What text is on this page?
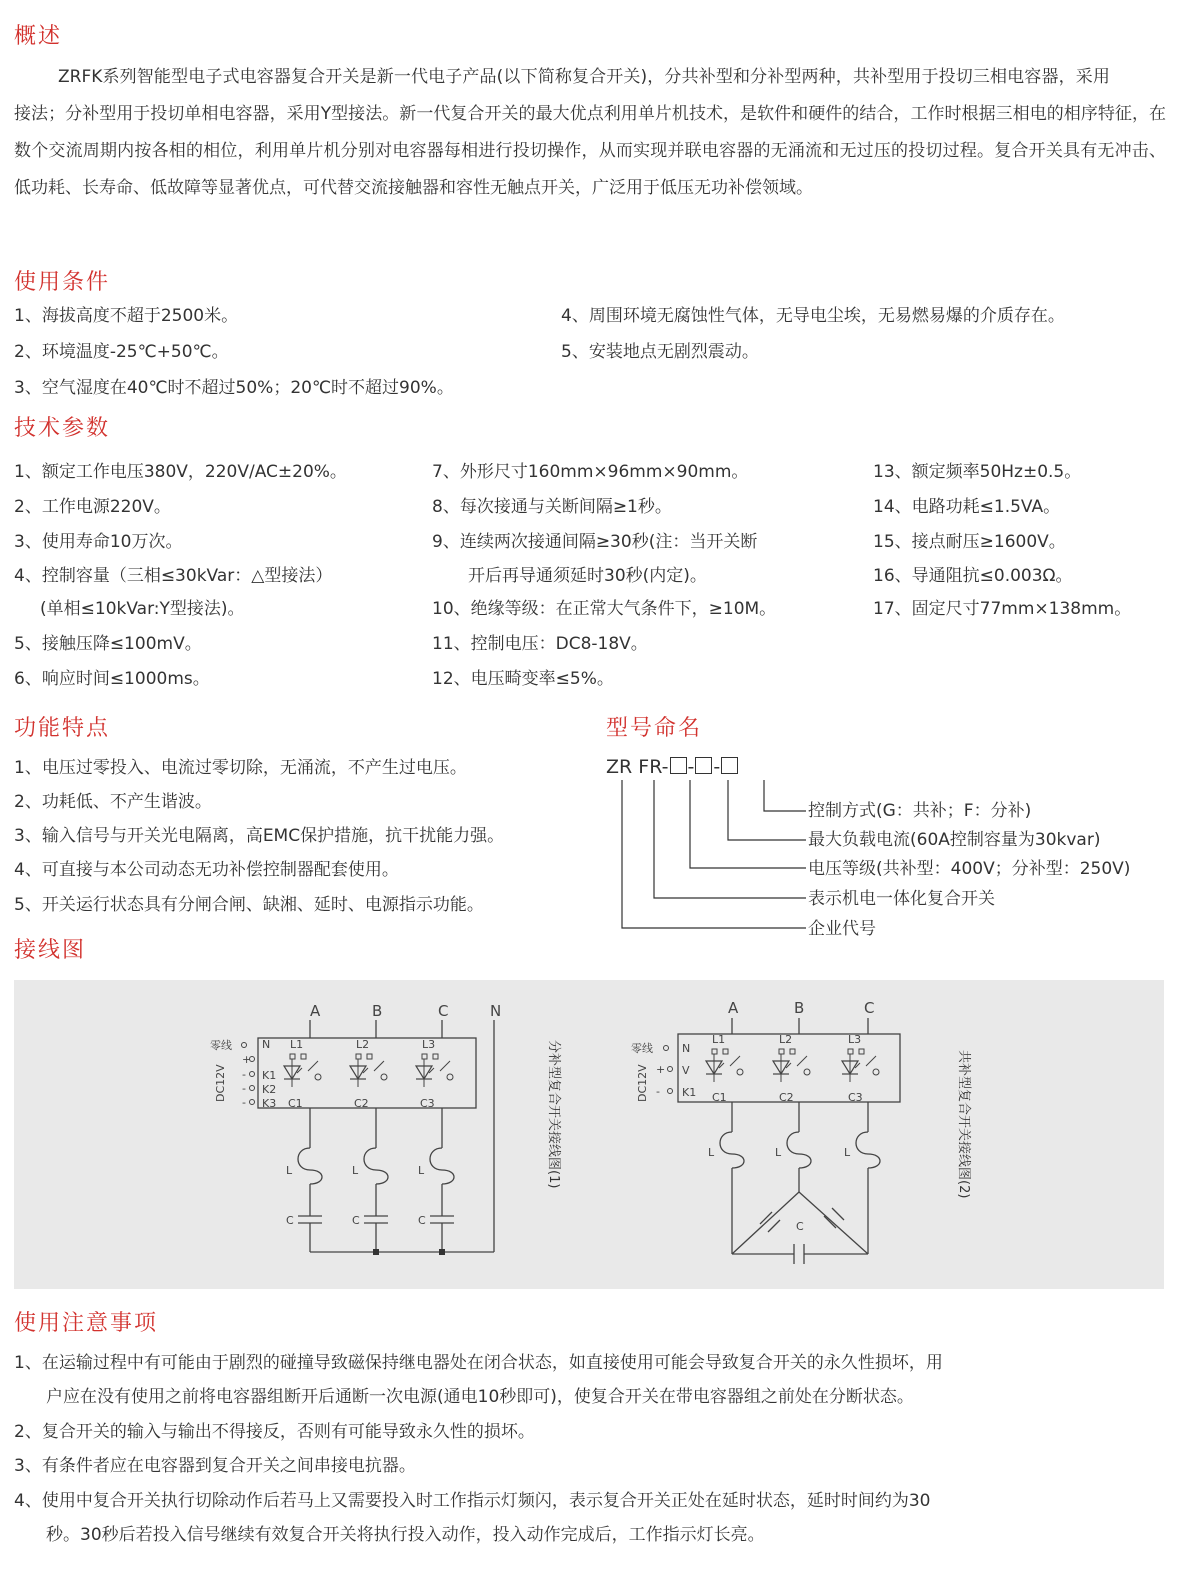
概述
ZRFK系列智能型电子式电容器复合开关是新一代电子产品(以下简称复合开关)，分共补型和分补型两种，共补型用于投切三相电容器，采用接法；分补型用于投切单相电容器，采用Y型接法。新一代复合开关的最大优点利用单片机技术，是软件和硬件的结合，工作时根据三相电的相序特征，在数个交流周期内按各相的相位，利用单片机分别对电容器每相进行投切操作，从而实现并联电容器的无涌流和无过压的投切过程。复合开关具有无冲击、低功耗、长寿命、低故障等显著优点，可代替交流接触器和容性无触点开关，广泛用于低压无功补偿领域。
使用条件
1、海拔高度不超于2500米。
2、环境温度-25℃+50℃。
3、空气湿度在40℃时不超过50%；20℃时不超过90%。
4、周围环境无腐蚀性气体，无导电尘埃，无易燃易爆的介质存在。
5、安装地点无剧烈震动。
技术参数
1、额定工作电压380V，220V/AC±20%。
2、工作电源220V。
3、使用寿命10万次。
4、控制容量（三相≤30kVar：△型接法）
(单相≤10kVar:Y型接法)。
5、接触压降≤100mV。
6、响应时间≤1000ms。
7、外形尺寸160mm×96mm×90mm。
8、每次接通与关断间隔≥1秒。
9、连续两次接通间隔≥30秒(注：当开关断
开后再导通须延时30秒(内定)。
10、绝缘等级：在正常大气条件下，≥10M。
11、控制电压：DC8-18V。
12、电压畸变率≤5%。
13、额定频率50Hz±0.5。
14、电路功耗≤1.5VA。
15、接点耐压≥1600V。
16、导通阻抗≤0.003Ω。
17、固定尺寸77mm×138mm。
功能特点
1、电压过零投入、电流过零切除，无涌流，不产生过电压。
2、功耗低、不产生谐波。
3、输入信号与开关光电隔离，高EMC保护措施，抗干扰能力强。
4、可直接与本公司动态无功补偿控制器配套使用。
5、开关运行状态具有分闸合闸、缺湘、延时、电源指示功能。
型号命名
ZR FR- - -
控制方式(G：共补；F：分补)
最大负载电流(60A控制容量为30kvar)
电压等级(共补型：400V；分补型：250V)
表示机电一体化复合开关
企业代号
接线图
A	B	C	N
L1	L2	L3
C1	C2	C3
N
K1
K2
K3
零线
+
-
-
-
DC12V
L	L	L
C	C	C
分补型复合开关接线图(1)
A	B	C
L1	L2	L3
C1	C2	C3
N
V
K1
零线
+
-
DC12V
L	L	L
C
共补型复合开关接线图(2)
使用注意事项
1、在运输过程中有可能由于剧烈的碰撞导致磁保持继电器处在闭合状态，如直接使用可能会导致复合开关的永久性损坏，用
户应在没有使用之前将电容器组断开后通断一次电源(通电10秒即可)，使复合开关在带电容器组之前处在分断状态。
2、复合开关的输入与输出不得接反，否则有可能导致永久性的损坏。
3、有条件者应在电容器到复合开关之间串接电抗器。
4、使用中复合开关执行切除动作后若马上又需要投入时工作指示灯频闪，表示复合开关正处在延时状态，延时时间约为30
秒。30秒后若投入信号继续有效复合开关将执行投入动作，投入动作完成后，工作指示灯长亮。
